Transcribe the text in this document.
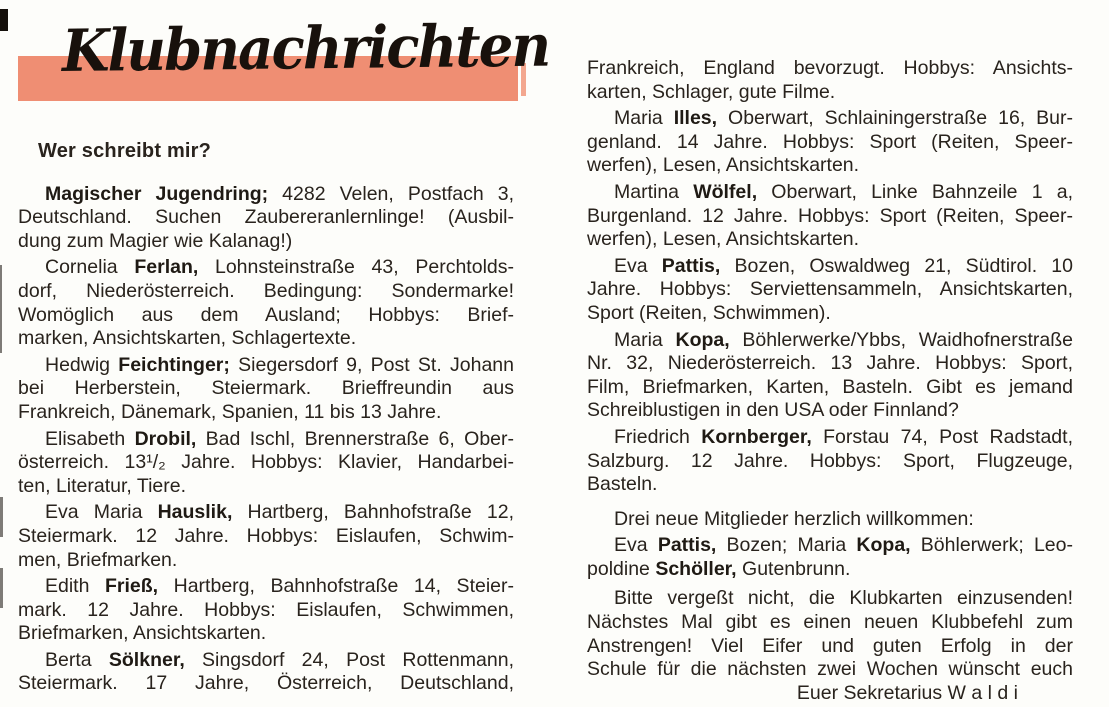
Klubnachrichten
Wer schreibt mir?
Magischer Jugendring; 4282 Velen, Postfach 3,
Deutschland. Suchen Zaubereranlernlinge! (Ausbil-
dung zum Magier wie Kalanag!)
Cornelia Ferlan, Lohnsteinstraße 43, Perchtolds-
dorf, Niederösterreich. Bedingung: Sondermarke!
Womöglich aus dem Ausland; Hobbys: Brief-
marken, Ansichtskarten, Schlagertexte.
Hedwig Feichtinger; Siegersdorf 9, Post St. Johann
bei Herberstein, Steiermark. Brieffreundin aus
Frankreich, Dänemark, Spanien, 11 bis 13 Jahre.
Elisabeth Drobil, Bad Ischl, Brennerstraße 6, Ober-
österreich. 13¹/₂ Jahre. Hobbys: Klavier, Handarbei-
ten, Literatur, Tiere.
Eva Maria Hauslik, Hartberg, Bahnhofstraße 12,
Steiermark. 12 Jahre. Hobbys: Eislaufen, Schwim-
men, Briefmarken.
Edith Frieß, Hartberg, Bahnhofstraße 14, Steier-
mark. 12 Jahre. Hobbys: Eislaufen, Schwimmen,
Briefmarken, Ansichtskarten.
Berta Sölkner, Singsdorf 24, Post Rottenmann,
Steiermark. 17 Jahre, Österreich, Deutschland,
Frankreich, England bevorzugt. Hobbys: Ansichts-
karten, Schlager, gute Filme.
Maria Illes, Oberwart, Schlainingerstraße 16, Bur-
genland. 14 Jahre. Hobbys: Sport (Reiten, Speer-
werfen), Lesen, Ansichtskarten.
Martina Wölfel, Oberwart, Linke Bahnzeile 1 a,
Burgenland. 12 Jahre. Hobbys: Sport (Reiten, Speer-
werfen), Lesen, Ansichtskarten.
Eva Pattis, Bozen, Oswaldweg 21, Südtirol. 10
Jahre. Hobbys: Serviettensammeln, Ansichtskarten,
Sport (Reiten, Schwimmen).
Maria Kopa, Böhlerwerke/Ybbs, Waidhofnerstraße
Nr. 32, Niederösterreich. 13 Jahre. Hobbys: Sport,
Film, Briefmarken, Karten, Basteln. Gibt es jemand
Schreiblustigen in den USA oder Finnland?
Friedrich Kornberger, Forstau 74, Post Radstadt,
Salzburg. 12 Jahre. Hobbys: Sport, Flugzeuge,
Basteln.
Drei neue Mitglieder herzlich willkommen:
Eva Pattis, Bozen; Maria Kopa, Böhlerwerk; Leo-
poldine Schöller, Gutenbrunn.
Bitte vergeßt nicht, die Klubkarten einzusenden!
Nächstes Mal gibt es einen neuen Klubbefehl zum
Anstrengen! Viel Eifer und guten Erfolg in der
Schule für die nächsten zwei Wochen wünscht euch
Euer Sekretarius W a l d i
